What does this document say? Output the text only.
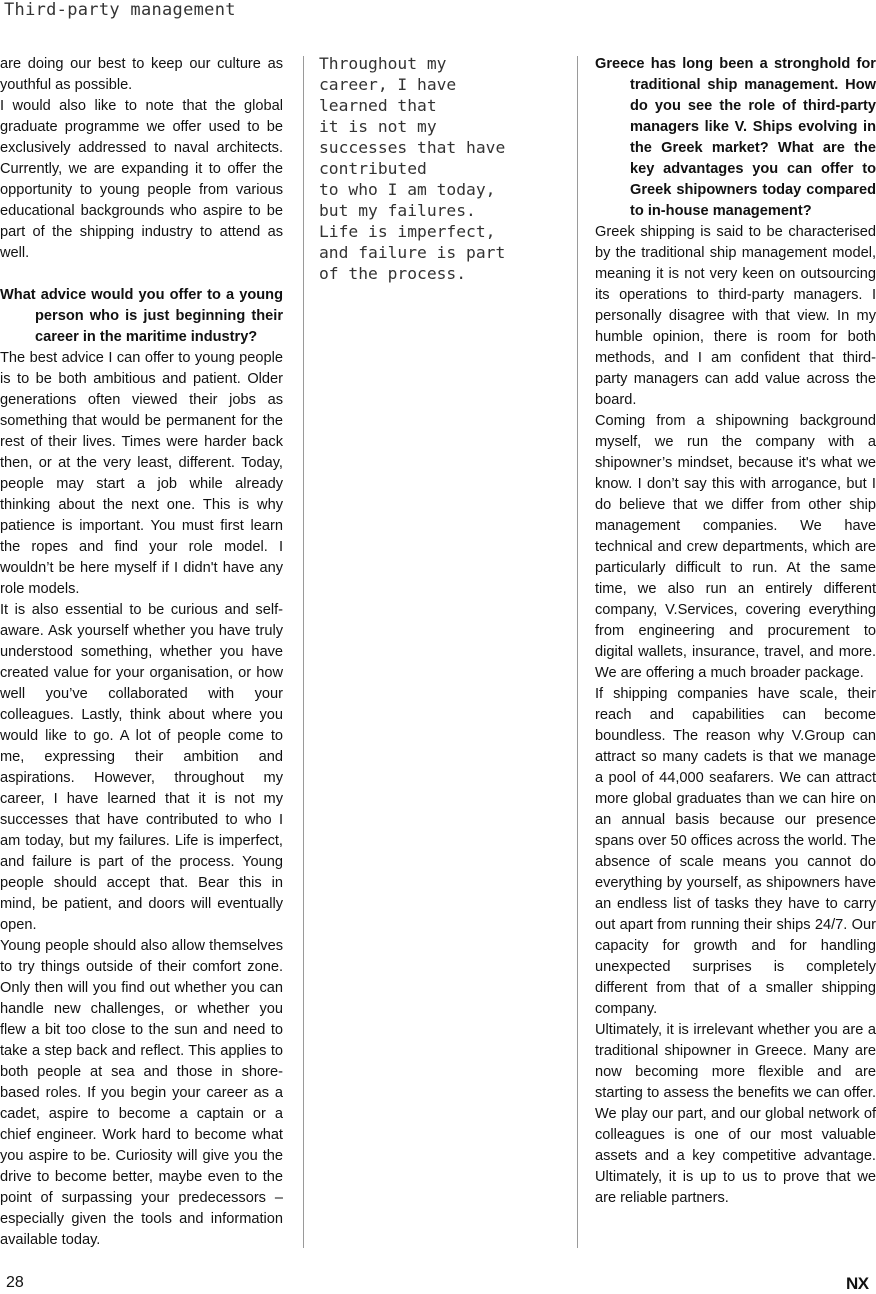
Third-party management

are doing our best to keep our culture as youthful as possible.

I would also like to note that the global graduate programme we offer used to be exclusively addressed to naval architects. Currently, we are expanding it to offer the opportunity to young people from various educational backgrounds who aspire to be part of the shipping industry to attend as well.

What advice would you offer to a young person who is just beginning their career in the maritime industry?

The best advice I can offer to young people is to be both ambitious and patient. Older generations often viewed their jobs as something that would be permanent for the rest of their lives. Times were harder back then, or at the very least, different. Today, people may start a job while already thinking about the next one. This is why patience is important. You must first learn the ropes and find your role model. I wouldn’t be here myself if I didn't have any role models.

It is also essential to be curious and self-aware. Ask yourself whether you have truly understood something, whether you have created value for your organisation, or how well you’ve collaborated with your colleagues. Lastly, think about where you would like to go. A lot of people come to me, expressing their ambition and aspirations. However, throughout my career, I have learned that it is not my successes that have contributed to who I am today, but my failures. Life is imperfect, and failure is part of the process. Young people should accept that. Bear this in mind, be patient, and doors will eventually open.

Young people should also allow themselves to try things outside of their comfort zone. Only then will you find out whether you can handle new challenges, or whether you flew a bit too close to the sun and need to take a step back and reflect. This applies to both people at sea and those in shore-based roles. If you begin your career as a cadet, aspire to become a captain or a chief engineer. Work hard to become what you aspire to be. Curiosity will give you the drive to become better, maybe even to the point of surpassing your predecessors – especially given the tools and information available today.

Throughout my
career, I have
learned that
it is not my
successes that have
contributed
to who I am today,
but my failures.
Life is imperfect,
and failure is part
of the process.

Greece has long been a stronghold for traditional ship management. How do you see the role of third-party managers like V. Ships evolving in the Greek market? What are the key advantages you can offer to Greek shipowners today compared to in-house management?

Greek shipping is said to be characterised by the traditional ship management model, meaning it is not very keen on outsourcing its operations to third-party managers. I personally disagree with that view. In my humble opinion, there is room for both methods, and I am confident that third-party managers can add value across the board.

Coming from a shipowning background myself, we run the company with a shipowner’s mindset, because it's what we know. I don’t say this with arrogance, but I do believe that we differ from other ship management companies. We have technical and crew departments, which are particularly difficult to run. At the same time, we also run an entirely different company, V.Services, covering everything from engineering and procurement to digital wallets, insurance, travel, and more. We are offering a much broader package.

If shipping companies have scale, their reach and capabilities can become boundless. The reason why V.Group can attract so many cadets is that we manage a pool of 44,000 seafarers. We can attract more global graduates than we can hire on an annual basis because our presence spans over 50 offices across the world. The absence of scale means you cannot do everything by yourself, as shipowners have an endless list of tasks they have to carry out apart from running their ships 24/7. Our capacity for growth and for handling unexpected surprises is completely different from that of a smaller shipping company.

Ultimately, it is irrelevant whether you are a traditional shipowner in Greece. Many are now becoming more flexible and are starting to assess the benefits we can offer. We play our part, and our global network of colleagues is one of our most valuable assets and a key competitive advantage. Ultimately, it is up to us to prove that we are reliable partners.

28	NX
